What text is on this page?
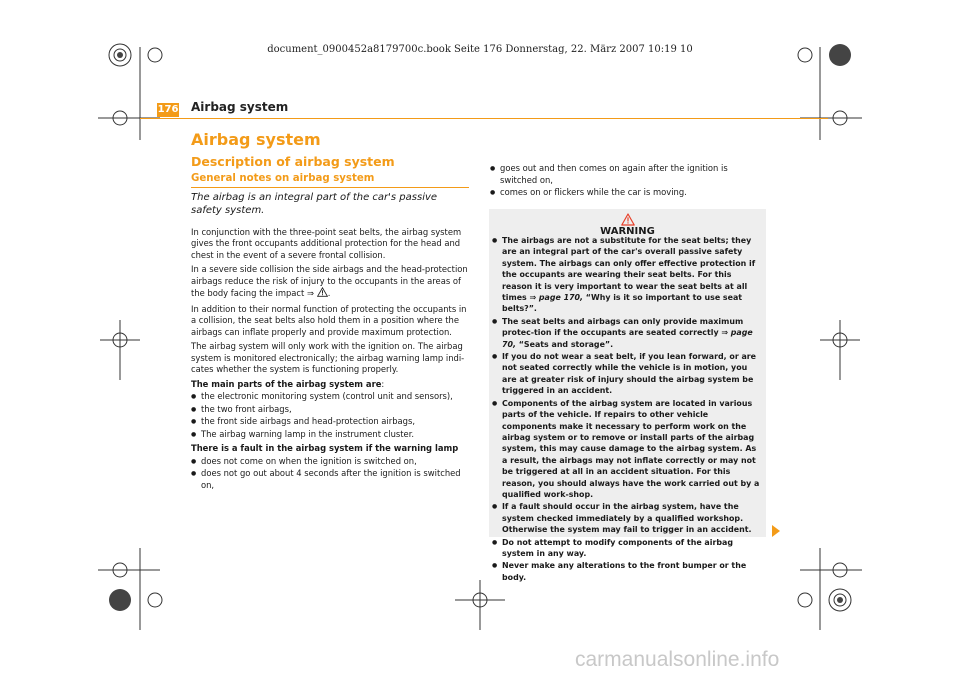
document_0900452a8179700c.book Seite 176 Donnerstag, 22. März 2007 10:19 10
176 Airbag system
Airbag system
Description of airbag system
General notes on airbag system
The airbag is an integral part of the car's passive safety system.
In conjunction with the three-point seat belts, the airbag system gives the front occupants additional protection for the head and chest in the event of a severe frontal collision.
In a severe side collision the side airbags and the head-protection airbags reduce the risk of injury to the occupants in the areas of the body facing the impact ⇒ .
In addition to their normal function of protecting the occupants in a collision, the seat belts also hold them in a position where the airbags can inflate properly and provide maximum protection.
The airbag system will only work with the ignition on. The airbag system is monitored electronically; the airbag warning lamp indi-cates whether the system is functioning properly.
The main parts of the airbag system are:
● the electronic monitoring system (control unit and sensors),
● the two front airbags,
● the front side airbags and head-protection airbags,
● The airbag warning lamp in the instrument cluster.
There is a fault in the airbag system if the warning lamp
● does not come on when the ignition is switched on,
● does not go out about 4 seconds after the ignition is switched on,
● goes out and then comes on again after the ignition is switched on,
● comes on or flickers while the car is moving.
WARNING
● The airbags are not a substitute for the seat belts; they are an integral part of the car's overall passive safety system. The airbags can only offer effective protection if the occupants are wearing their seat belts. For this reason it is very important to wear the seat belts at all times ⇒ page 170, “Why is it so important to use seat belts?”.
● The seat belts and airbags can only provide maximum protec-tion if the occupants are seated correctly ⇒ page 70, “Seats and storage”.
● If you do not wear a seat belt, if you lean forward, or are not seated correctly while the vehicle is in motion, you are at greater risk of injury should the airbag system be triggered in an accident.
● Components of the airbag system are located in various parts of the vehicle. If repairs to other vehicle components make it necessary to perform work on the airbag system or to remove or install parts of the airbag system, this may cause damage to the airbag system. As a result, the airbags may not inflate correctly or may not be triggered at all in an accident situation. For this reason, you should always have the work carried out by a qualified work-shop.
● If a fault should occur in the airbag system, have the system checked immediately by a qualified workshop. Otherwise the system may fail to trigger in an accident.
● Do not attempt to modify components of the airbag system in any way.
● Never make any alterations to the front bumper or the body.
carmanualsonline.info
